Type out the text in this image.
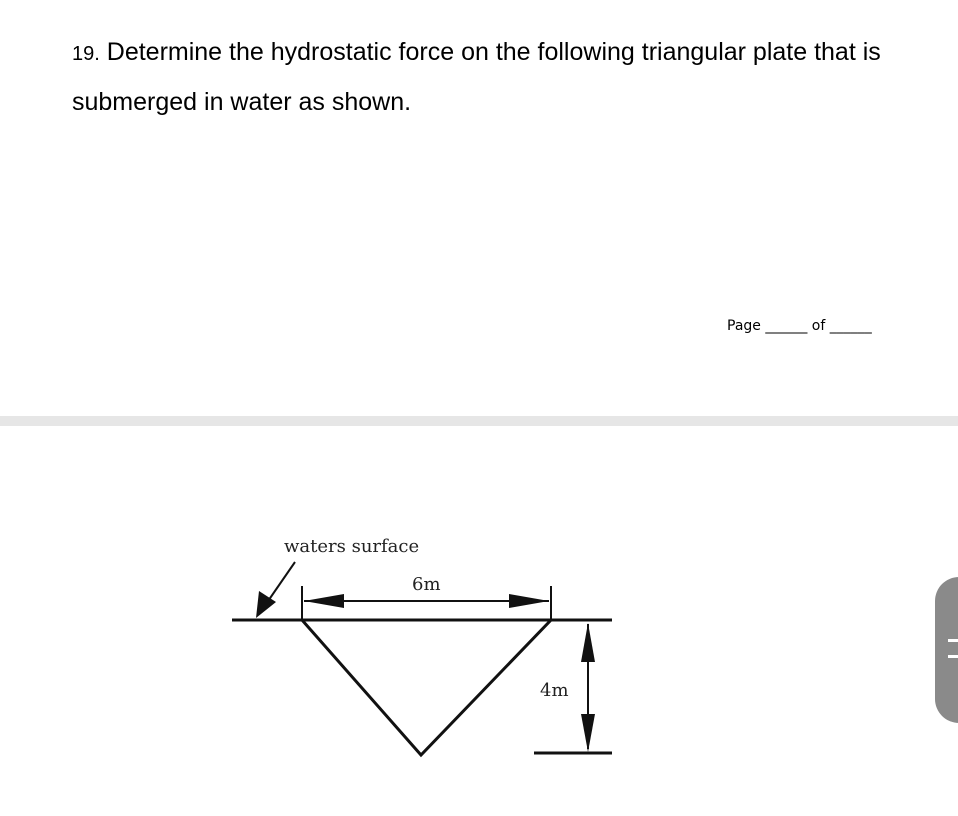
19. Determine the hydrostatic force on the following triangular plate that is submerged in water as shown.

Page ______ of ______
6m
4m
waters surface
